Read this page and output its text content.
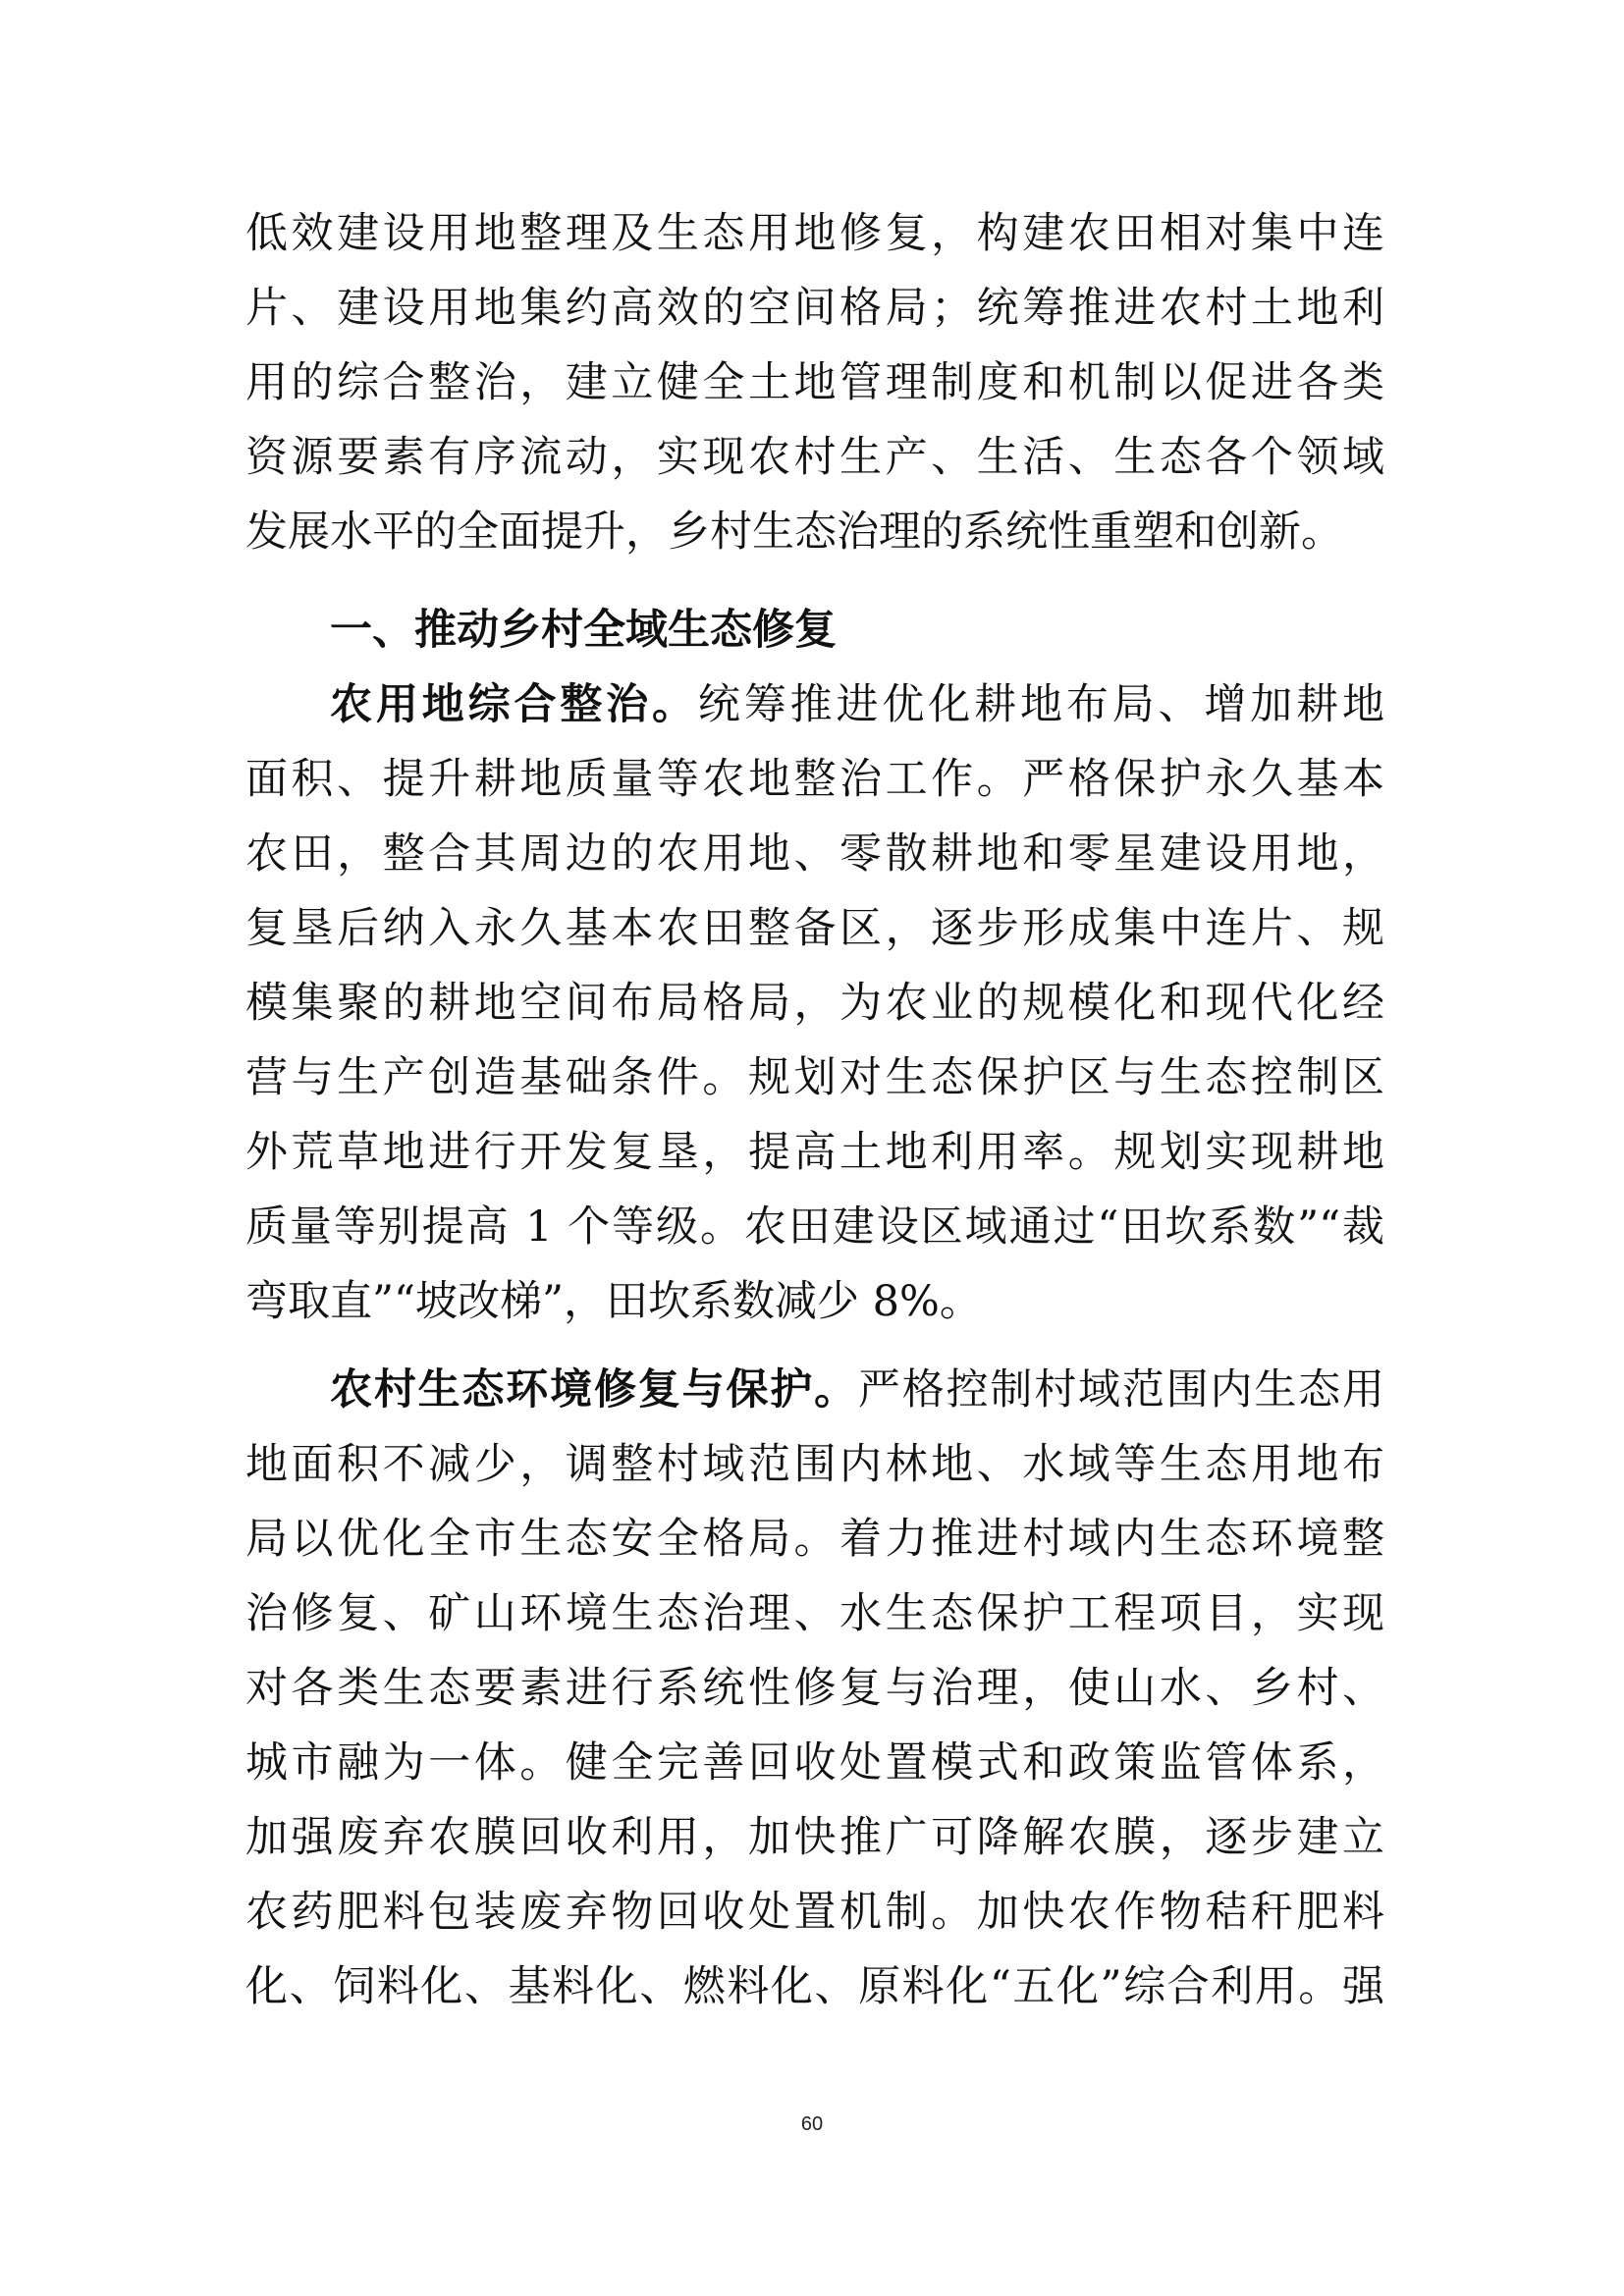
低效建设用地整理及生态用地修复，构建农田相对集中连
片、建设用地集约高效的空间格局；统筹推进农村土地利
用的综合整治，建立健全土地管理制度和机制以促进各类
资源要素有序流动，实现农村生产、生活、生态各个领域
发展水平的全面提升，乡村生态治理的系统性重塑和创新。
一、推动乡村全域生态修复
农用地综合整治。统筹推进优化耕地布局、增加耕地
面积、提升耕地质量等农地整治工作。严格保护永久基本
农田，整合其周边的农用地、零散耕地和零星建设用地，
复垦后纳入永久基本农田整备区，逐步形成集中连片、规
模集聚的耕地空间布局格局，为农业的规模化和现代化经
营与生产创造基础条件。规划对生态保护区与生态控制区
外荒草地进行开发复垦，提高土地利用率。规划实现耕地
质量等别提高 1 个等级。农田建设区域通过“田坎系数”“裁
弯取直”“坡改梯”，田坎系数减少 8%。
农村生态环境修复与保护。严格控制村域范围内生态用
地面积不减少，调整村域范围内林地、水域等生态用地布
局以优化全市生态安全格局。着力推进村域内生态环境整
治修复、矿山环境生态治理、水生态保护工程项目，实现
对各类生态要素进行系统性修复与治理，使山水、乡村、
城市融为一体。健全完善回收处置模式和政策监管体系，
加强废弃农膜回收利用，加快推广可降解农膜，逐步建立
农药肥料包装废弃物回收处置机制。加快农作物秸秆肥料
化、饲料化、基料化、燃料化、原料化“五化”综合利用。强
60
